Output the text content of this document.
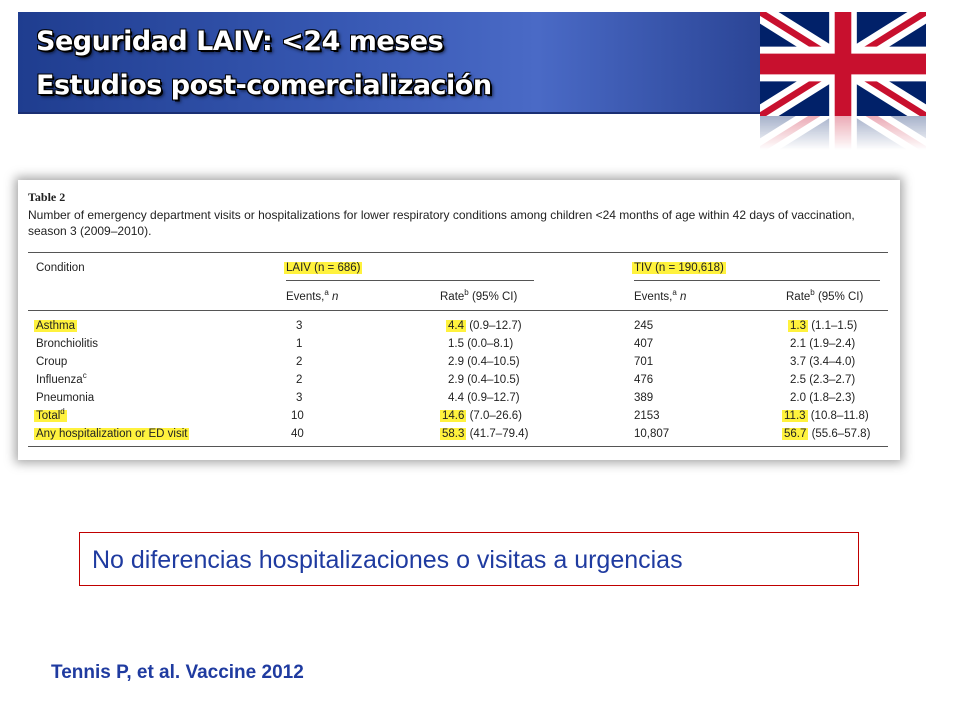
Seguridad LAIV: <24 meses
Estudios post-comercialización
Table 2
Number of emergency department visits or hospitalizations for lower respiratory conditions among children <24 months of age within 42 days of vaccination, season 3 (2009–2010).
Condition	LAIV (n = 686)	TIV (n = 190,618)
Events,$^a$ n	Rate$^b$ (95% CI)	Events,$^a$ n	Rate$^b$ (95% CI)
Asthma	3	4.4 (0.9–12.7)	245	1.3 (1.1–1.5)
Bronchiolitis	1	1.5 (0.0–8.1)	407	2.1 (1.9–2.4)
Croup	2	2.9 (0.4–10.5)	701	3.7 (3.4–4.0)
Influenza$^c$	2	2.9 (0.4–10.5)	476	2.5 (2.3–2.7)
Pneumonia	3	4.4 (0.9–12.7)	389	2.0 (1.8–2.3)
Total$^d$	10	14.6 (7.0–26.6)	2153	11.3 (10.8–11.8)
Any hospitalization or ED visit	40	58.3 (41.7–79.4)	10,807	56.7 (55.6–57.8)
No diferencias hospitalizaciones o visitas a urgencias
Tennis P, et al. Vaccine 2012
